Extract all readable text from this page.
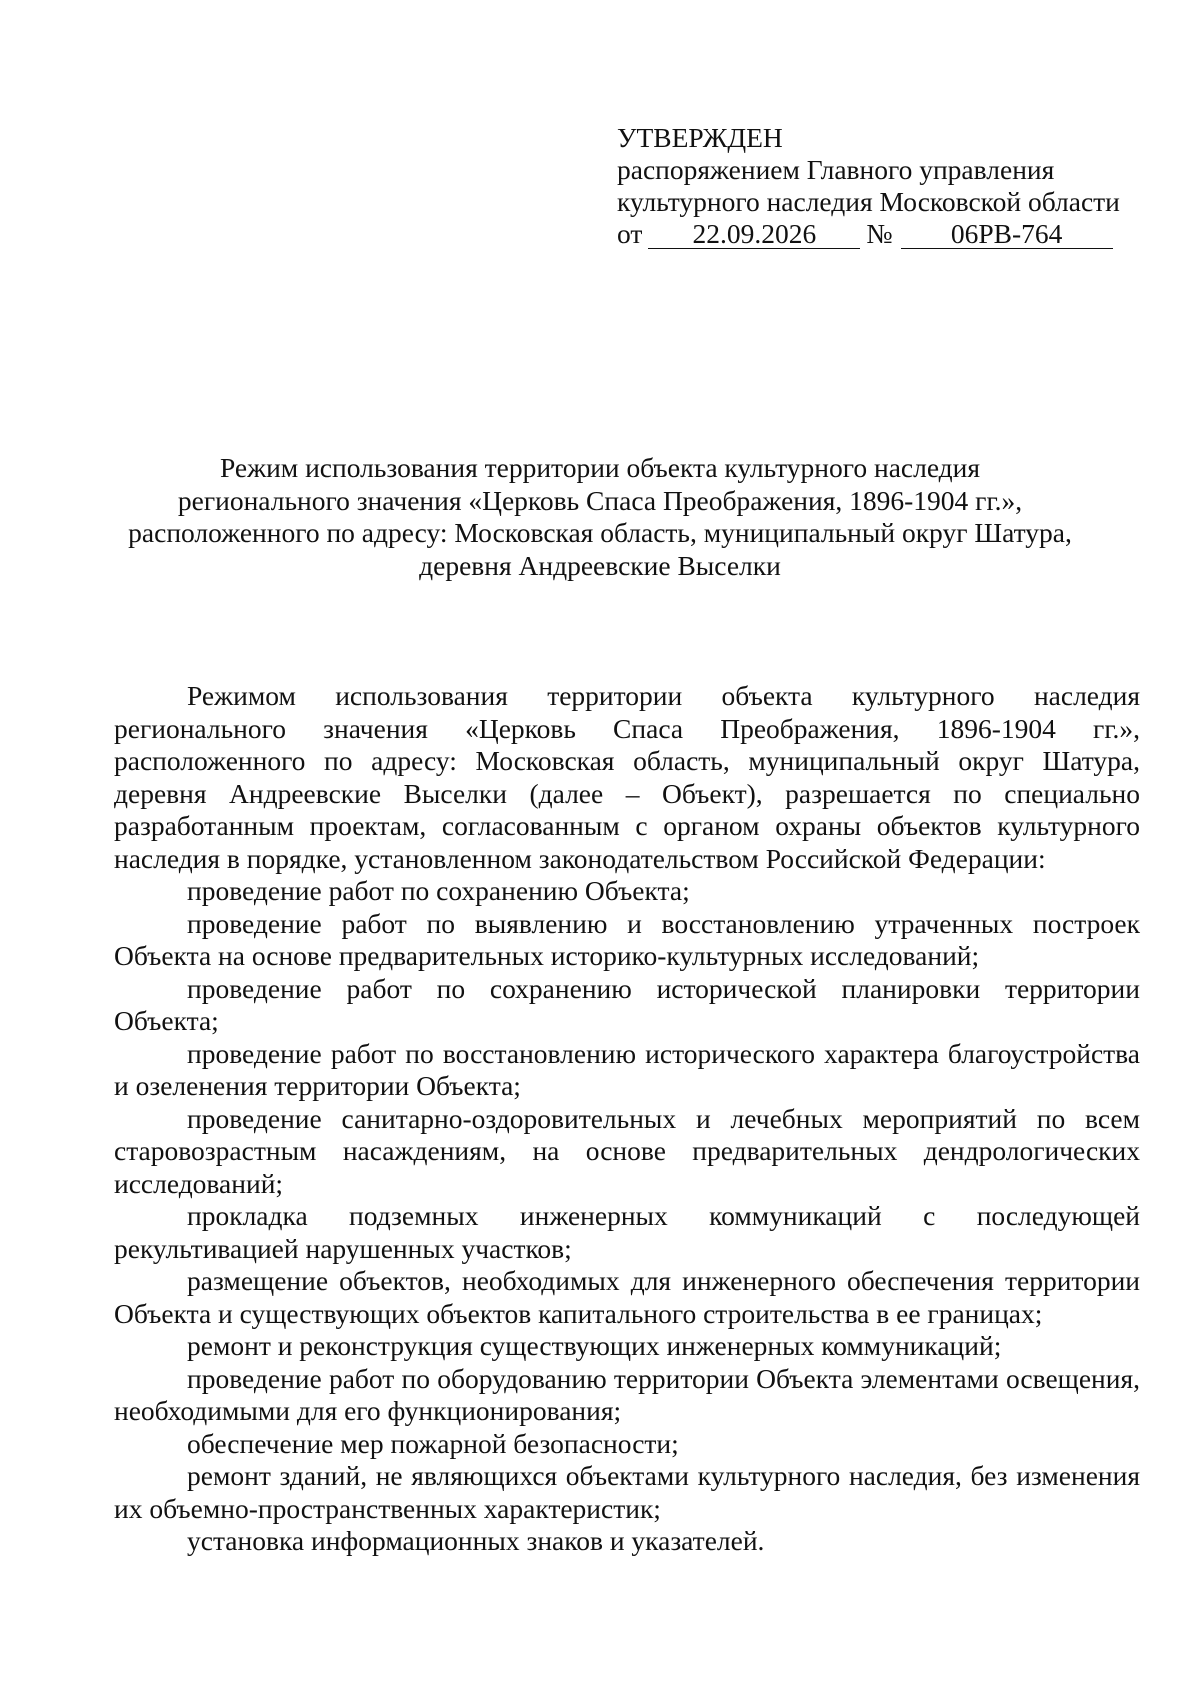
УТВЕРЖДЕН
распоряжением Главного управления
культурного наследия Московской области
от	22.09.2026	№	06РВ-764
Режим использования территории объекта культурного наследия
регионального значения «Церковь Спаса Преображения, 1896-1904 гг.»,
расположенного по адресу: Московская область, муниципальный округ Шатура,
деревня Андреевские Выселки

Режимом использования территории объекта культурного наследия регионального значения «Церковь Спаса Преображения, 1896-1904 гг.», расположенного по адресу: Московская область, муниципальный округ Шатура, деревня Андреевские Выселки (далее – Объект), разрешается по специально разработанным проектам, согласованным с органом охраны объектов культурного наследия в порядке, установленном законодательством Российской Федерации:

проведение работ по сохранению Объекта;

проведение работ по выявлению и восстановлению утраченных построек Объекта на основе предварительных историко-культурных исследований;

проведение работ по сохранению исторической планировки территории Объекта;

проведение работ по восстановлению исторического характера благоустройства и озеленения территории Объекта;

проведение санитарно-оздоровительных и лечебных мероприятий по всем старовозрастным насаждениям, на основе предварительных дендрологических исследований;

прокладка подземных инженерных коммуникаций с последующей рекультивацией нарушенных участков;

размещение объектов, необходимых для инженерного обеспечения территории Объекта и существующих объектов капитального строительства в ее границах;

ремонт и реконструкция существующих инженерных коммуникаций;

проведение работ по оборудованию территории Объекта элементами освещения, необходимыми для его функционирования;

обеспечение мер пожарной безопасности;

ремонт зданий, не являющихся объектами культурного наследия, без изменения их объемно-пространственных характеристик;

установка информационных знаков и указателей.
